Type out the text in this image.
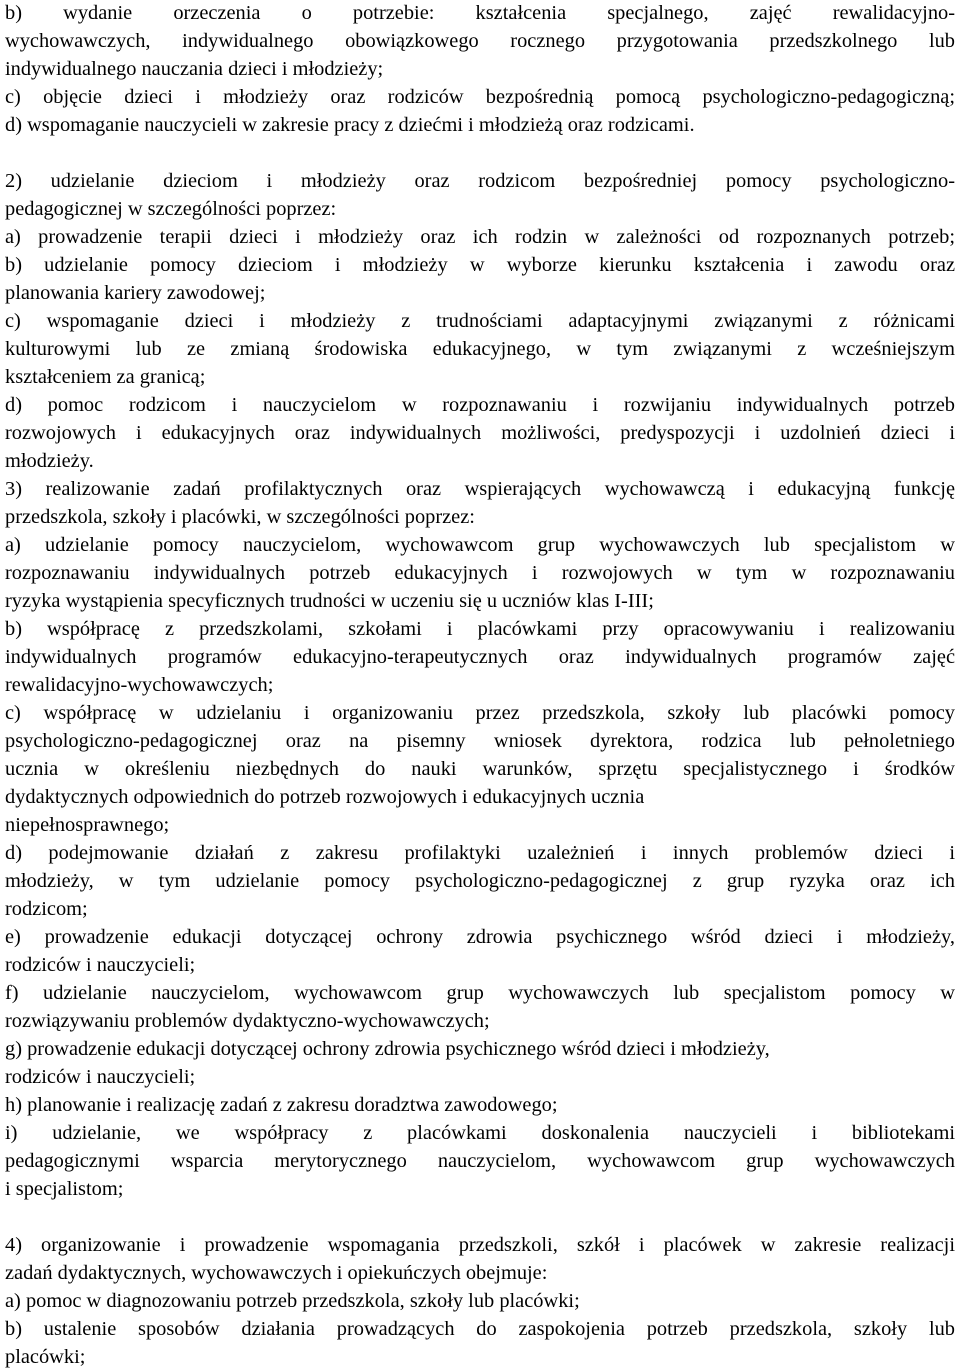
b) wydanie orzeczenia o potrzebie: kształcenia specjalnego, zajęć rewalidacyjno-
wychowawczych, indywidualnego obowiązkowego rocznego przygotowania przedszkolnego lub
indywidualnego nauczania dzieci i młodzieży;
c) objęcie dzieci i młodzieży oraz rodziców bezpośrednią pomocą psychologiczno-pedagogiczną;
d) wspomaganie nauczycieli w zakresie pracy z dziećmi i młodzieżą oraz rodzicami.
2) udzielanie dzieciom i młodzieży oraz rodzicom bezpośredniej pomocy psychologiczno-
pedagogicznej w szczególności poprzez:
a) prowadzenie terapii dzieci i młodzieży oraz ich rodzin w zależności od rozpoznanych potrzeb;
b) udzielanie pomocy dzieciom i młodzieży w wyborze kierunku kształcenia i zawodu oraz
planowania kariery zawodowej;
c) wspomaganie dzieci i młodzieży z trudnościami adaptacyjnymi związanymi z różnicami
kulturowymi lub ze zmianą środowiska edukacyjnego, w tym związanymi z wcześniejszym
kształceniem za granicą;
d) pomoc rodzicom i nauczycielom w rozpoznawaniu i rozwijaniu indywidualnych potrzeb
rozwojowych i edukacyjnych oraz indywidualnych możliwości, predyspozycji i uzdolnień dzieci i
młodzieży.
3) realizowanie zadań profilaktycznych oraz wspierających wychowawczą i edukacyjną funkcję
przedszkola, szkoły i placówki, w szczególności poprzez:
a) udzielanie pomocy nauczycielom, wychowawcom grup wychowawczych lub specjalistom w
rozpoznawaniu indywidualnych potrzeb edukacyjnych i rozwojowych w tym w rozpoznawaniu
ryzyka wystąpienia specyficznych trudności w uczeniu się u uczniów klas I-III;
b) współpracę z przedszkolami, szkołami i placówkami przy opracowywaniu i realizowaniu
indywidualnych programów edukacyjno-terapeutycznych oraz indywidualnych programów zajęć
rewalidacyjno-wychowawczych;
c) współpracę w udzielaniu i organizowaniu przez przedszkola, szkoły lub placówki pomocy
psychologiczno-pedagogicznej oraz na pisemny wniosek dyrektora, rodzica lub pełnoletniego
ucznia w określeniu niezbędnych do nauki warunków, sprzętu specjalistycznego i środków
dydaktycznych odpowiednich do potrzeb rozwojowych i edukacyjnych ucznia
niepełnosprawnego;
d) podejmowanie działań z zakresu profilaktyki uzależnień i innych problemów dzieci i
młodzieży, w tym udzielanie pomocy psychologiczno-pedagogicznej z grup ryzyka oraz ich
rodzicom;
e) prowadzenie edukacji dotyczącej ochrony zdrowia psychicznego wśród dzieci i młodzieży,
rodziców i nauczycieli;
f) udzielanie nauczycielom, wychowawcom grup wychowawczych lub specjalistom pomocy w
rozwiązywaniu problemów dydaktyczno-wychowawczych;
g) prowadzenie edukacji dotyczącej ochrony zdrowia psychicznego wśród dzieci i młodzieży,
rodziców i nauczycieli;
h) planowanie i realizację zadań z zakresu doradztwa zawodowego;
i) udzielanie, we współpracy z placówkami doskonalenia nauczycieli i bibliotekami
pedagogicznymi wsparcia merytorycznego nauczycielom, wychowawcom grup wychowawczych
i specjalistom;
4) organizowanie i prowadzenie wspomagania przedszkoli, szkół i placówek w zakresie realizacji
zadań dydaktycznych, wychowawczych i opiekuńczych obejmuje:
a) pomoc w diagnozowaniu potrzeb przedszkola, szkoły lub placówki;
b) ustalenie sposobów działania prowadzących do zaspokojenia potrzeb przedszkola, szkoły lub
placówki;
